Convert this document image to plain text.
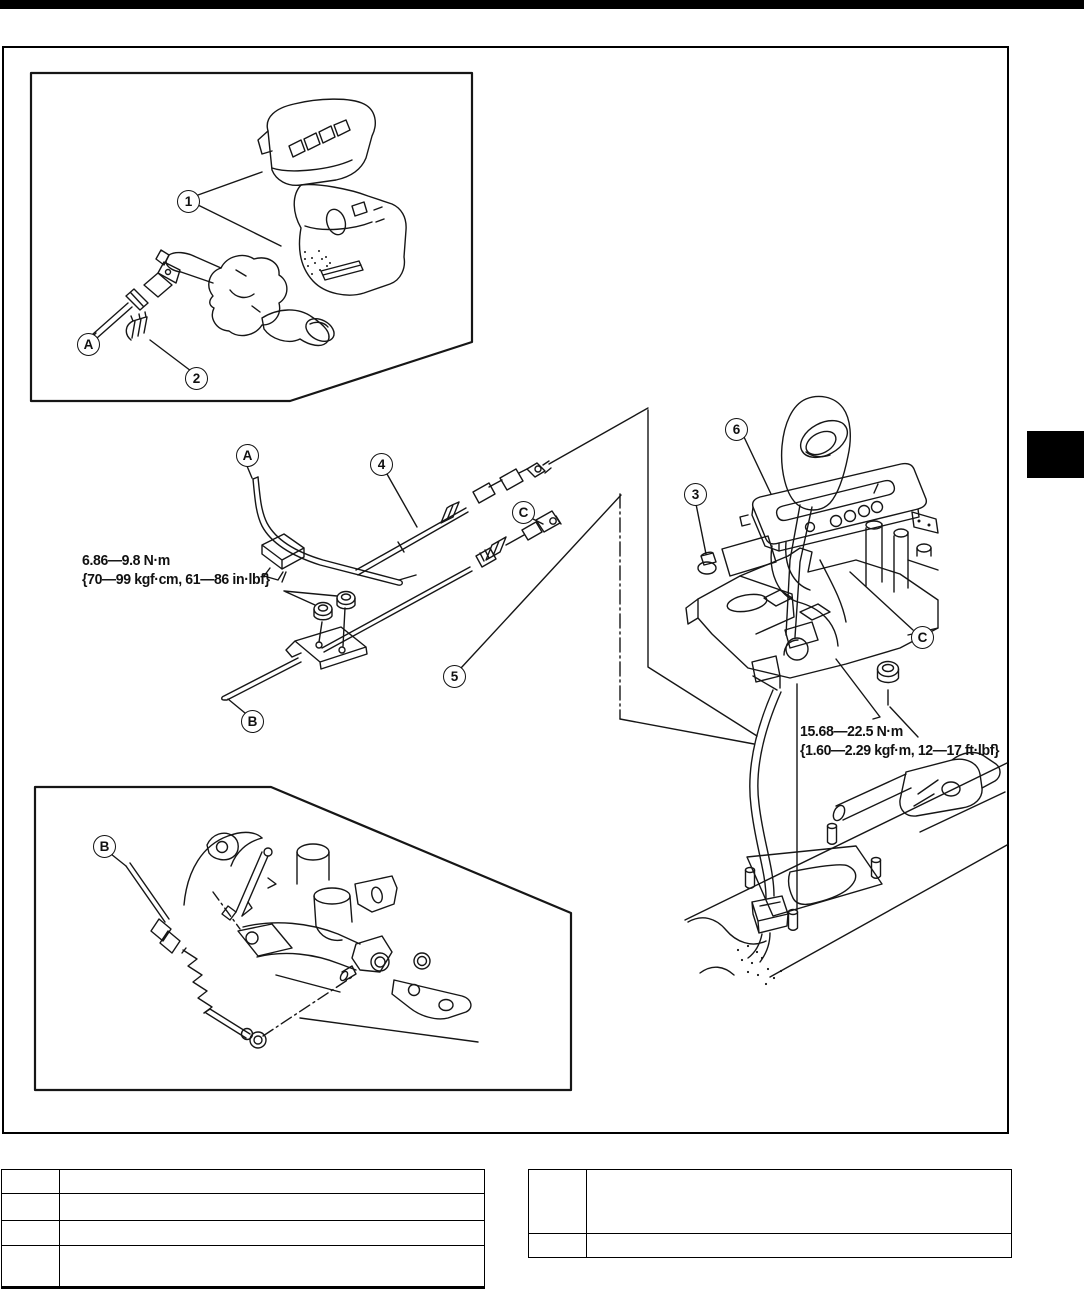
1
A
2
A
4
C
5
B
6
3
C
B
6.86—9.8 N·m
{70—99 kgf·cm, 61—86 in·lbf}
15.68—22.5 N·m
{1.60—2.29 kgf·m, 12—17 ft·lbf}
